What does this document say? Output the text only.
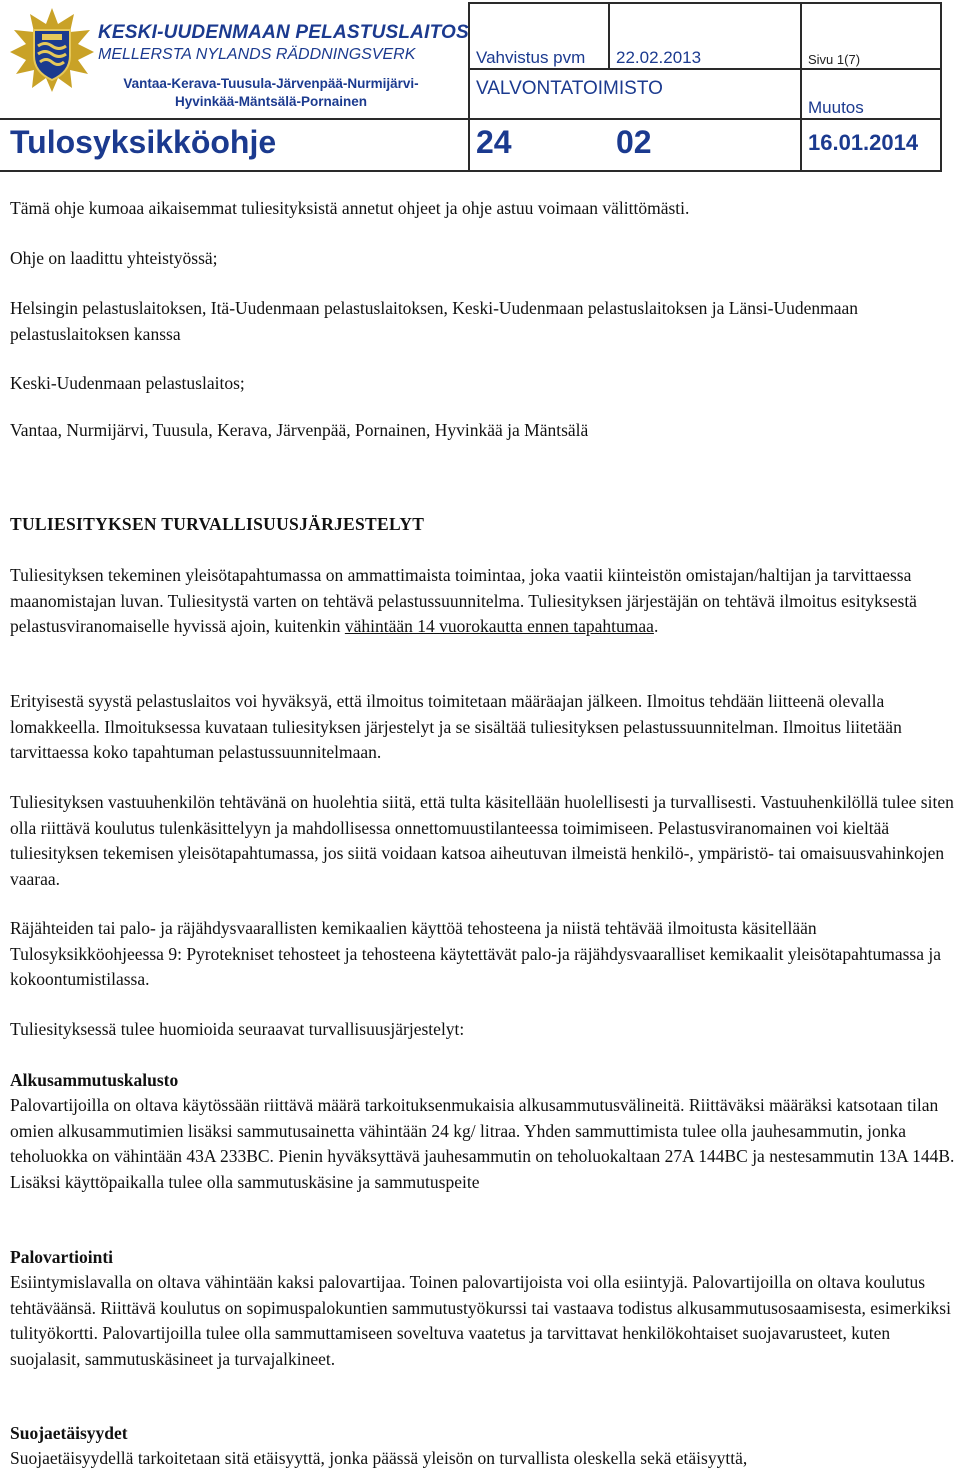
KESKI-UUDENMAAN PELASTUSLAITOS
MELLERSTA NYLANDS RÄDDNINGSVERK
Vantaa-Kerava-Tuusula-Järvenpää-Nurmijärvi-
Hyvinkää-Mäntsälä-Pornainen
Vahvistus pvm 22.02.2013	Sivu 1(7)
VALVONTATOIMISTO
Muutos
Tulosyksikköohje	24	02	16.01.2014

Tämä ohje kumoaa aikaisemmat tuliesityksistä annetut ohjeet ja ohje astuu voimaan välittömästi.

Ohje on laadittu yhteistyössä;

Helsingin pelastuslaitoksen, Itä-Uudenmaan pelastuslaitoksen, Keski-Uudenmaan pelastuslaitoksen ja Länsi-Uudenmaan pelastuslaitoksen kanssa

Keski-Uudenmaan pelastuslaitos;

Vantaa, Nurmijärvi, Tuusula, Kerava, Järvenpää, Pornainen, Hyvinkää ja Mäntsälä

TULIESITYKSEN TURVALLISUUSJÄRJESTELYT

Tuliesityksen tekeminen yleisötapahtumassa on ammattimaista toimintaa, joka vaatii kiinteistön omistajan/haltijan ja tarvittaessa maanomistajan luvan. Tuliesitystä varten on tehtävä pelastussuunnitelma. Tuliesityksen järjestäjän on tehtävä ilmoitus esityksestä pelastusviranomaiselle hyvissä ajoin, kuitenkin vähintään 14 vuorokautta ennen tapahtumaa.

Erityisestä syystä pelastuslaitos voi hyväksyä, että ilmoitus toimitetaan määräajan jälkeen. Ilmoitus tehdään liitteenä olevalla lomakkeella. Ilmoituksessa kuvataan tuliesityksen järjestelyt ja se sisältää tuliesityksen pelastussuunnitelman. Ilmoitus liitetään tarvittaessa koko tapahtuman pelastussuunnitelmaan.

Tuliesityksen vastuuhenkilön tehtävänä on huolehtia siitä, että tulta käsitellään huolellisesti ja turvallisesti. Vastuuhenkilöllä tulee siten olla riittävä koulutus tulenkäsittelyyn ja mahdollisessa onnettomuustilanteessa toimimiseen. Pelastusviranomainen voi kieltää tuliesityksen tekemisen yleisötapahtumassa, jos siitä voidaan katsoa aiheutuvan ilmeistä henkilö-, ympäristö- tai omaisuusvahinkojen vaaraa.

Räjähteiden tai palo- ja räjähdysvaarallisten kemikaalien käyttöä tehosteena ja niistä tehtävää ilmoitusta käsitellään Tulosyksikköohjeessa 9: Pyrotekniset tehosteet ja tehosteena käytettävät palo-ja räjähdysvaaralliset kemikaalit yleisötapahtumassa ja kokoontumistilassa.

Tuliesityksessä tulee huomioida seuraavat turvallisuusjärjestelyt:

Alkusammutuskalusto

Palovartijoilla on oltava käytössään riittävä määrä tarkoituksenmukaisia alkusammutusvälineitä. Riittäväksi määräksi katsotaan tilan omien alkusammutimien lisäksi sammutusainetta vähintään 24 kg/ litraa. Yhden sammuttimista tulee olla jauhesammutin, jonka teholuokka on vähintään 43A 233BC. Pienin hyväksyttävä jauhesammutin on teholuokaltaan 27A 144BC ja nestesammutin 13A 144B. Lisäksi käyttöpaikalla tulee olla sammutuskäsine ja sammutuspeite

Palovartiointi

Esiintymislavalla on oltava vähintään kaksi palovartijaa. Toinen palovartijoista voi olla esiintyjä. Palovartijoilla on oltava koulutus tehtäväänsä. Riittävä koulutus on sopimuspalokuntien sammutustyökurssi tai vastaava todistus alkusammutusosaamisesta, esimerkiksi tulityökortti. Palovartijoilla tulee olla sammuttamiseen soveltuva vaatetus ja tarvittavat henkilökohtaiset suojavarusteet, kuten suojalasit, sammutuskäsineet ja turvajalkineet.

Suojaetäisyydet

Suojaetäisyydellä tarkoitetaan sitä etäisyyttä, jonka päässä yleisön on turvallista oleskella sekä etäisyyttä,
